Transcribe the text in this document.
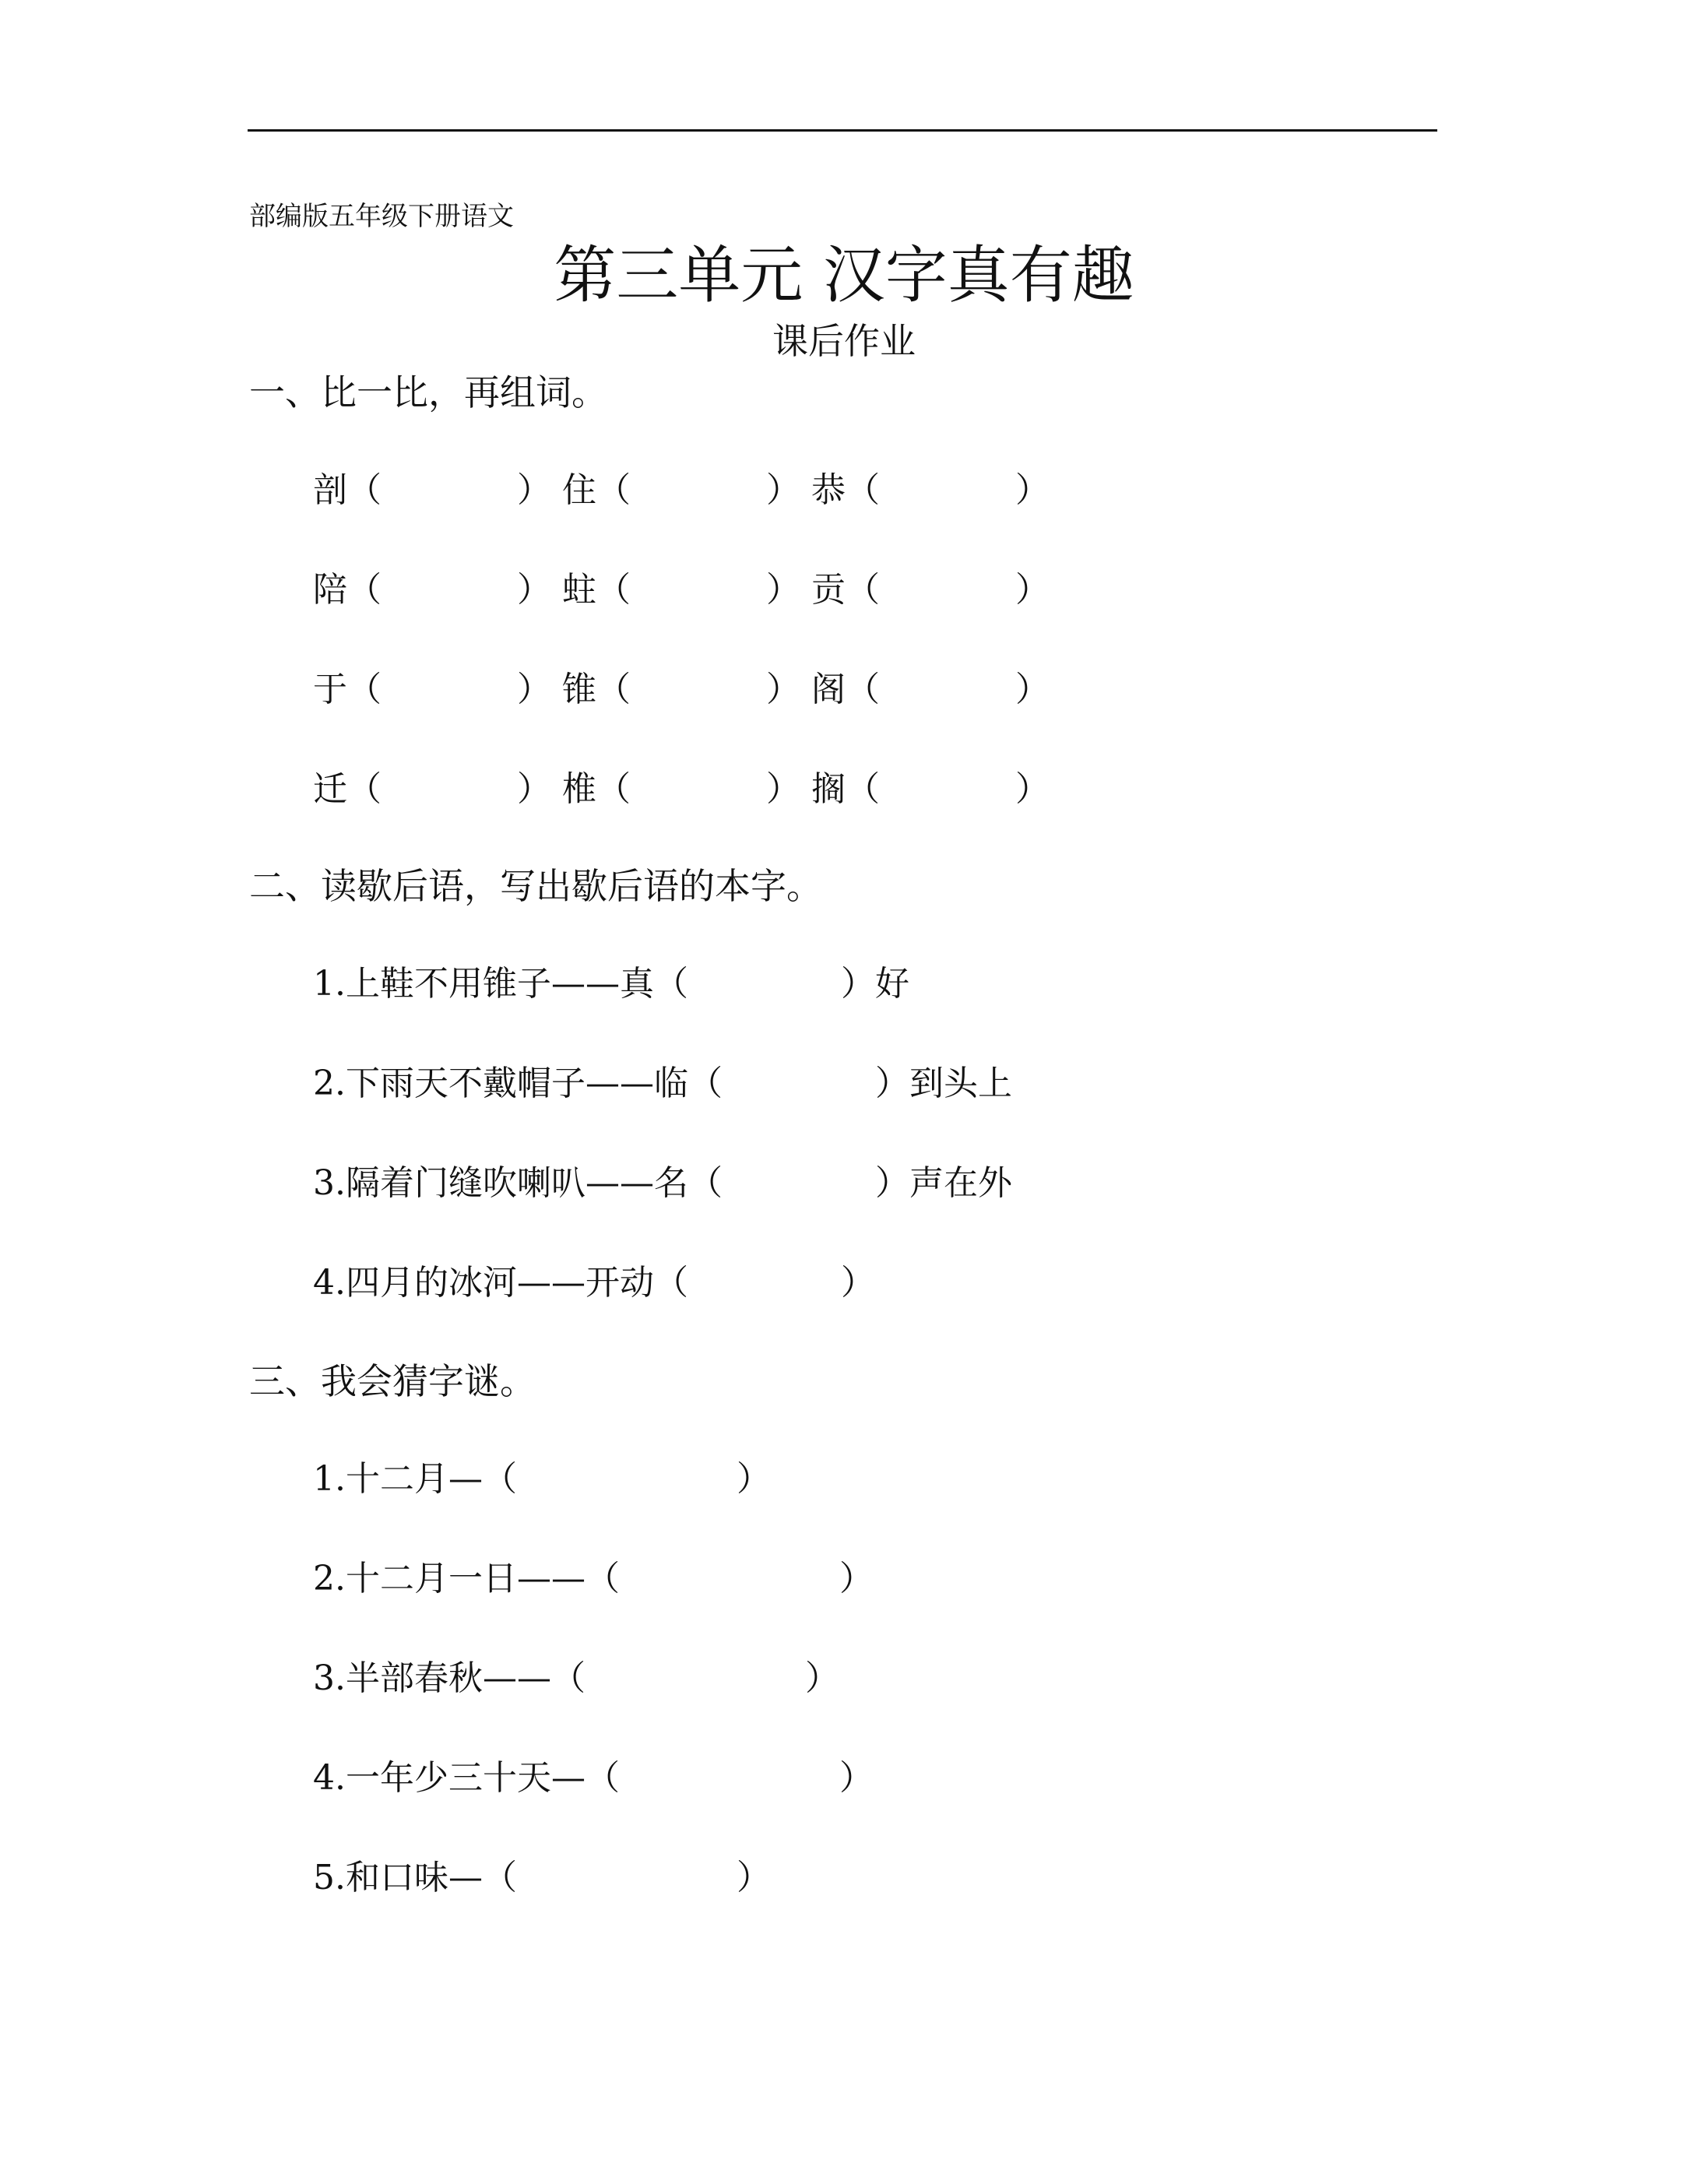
部编版五年级下册语文
第三单元 汉字真有趣
课后作业
一、比一比，再组词。
剖（	） 住（	） 恭（	）
陪（	） 蛀（	） 贡（	）
于（	） 锥（	） 阁（	）
迁（	） 椎（	） 搁（	）
二、读歇后语，写出歇后语的本字。
1.上鞋不用锥子——真（	）好
2.下雨天不戴帽子——临（	）到头上
3.隔着门缝吹喇叭——名（	）声在外
4.四月的冰河——开动（	）
三、我会猜字谜。
1.十二月—（	）
2.十二月一日——（	）
3.半部春秋——（	）
4.一年少三十天—（	）
5.和口味—（	）
